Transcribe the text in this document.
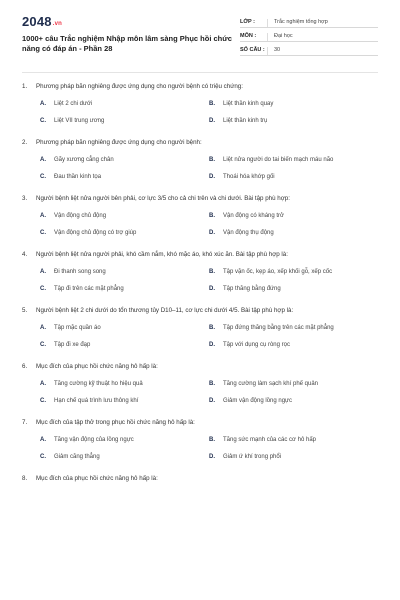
2048.vn
1000+ câu Trắc nghiệm Nhập môn lâm sàng Phục hồi chức năng có đáp án - Phần 28
LỚP :	Trắc nghiệm tổng hợp
MÔN :	Đại học
SỐ CÂU :	30
1.	Phương pháp băn nghiêng được ứng dụng cho người bệnh có triệu chứng:
A.	Liệt 2 chi dưới	B.	Liệt thần kinh quay
C.	Liệt VII trung ương	D.	Liệt thần kinh trụ
2.	Phương pháp băn nghiêng được ứng dụng cho người bệnh:
A.	Gãy xương cẳng chân	B.	Liệt nửa người do tai biến mạch máu não
C.	Đau thần kinh tọa	D.	Thoái hóa khớp gối
3.	Người bệnh liệt nửa người bên phải, cơ lực 3/5 cho cả chi trên và chi dưới. Bài tập phù hợp:
A.	Vận động chủ động	B.	Vận động có kháng trở
C.	Vận động chủ động có trợ giúp	D.	Vận động thụ động
4.	Người bệnh liệt nửa người phải, khó cầm nắm, khó mặc áo, khó xúc ăn. Bài tập phù hợp là:
A.	Đi thanh song song	B.	Tập vặn ốc, kẹp áo, xếp khối gỗ, xếp cốc
C.	Tập đi trên các mặt phẳng	D.	Tập thăng bằng đứng
5.	Người bệnh liệt 2 chi dưới do tổn thương tủy D10–11, cơ lực chi dưới 4/5. Bài tập phù hợp là:
A.	Tập mặc quần áo	B.	Tập đứng thăng bằng trên các mặt phẳng
C.	Tập đi xe đạp	D.	Tập với dụng cụ ròng rọc
6.	Mục đích của phục hồi chức năng hô hấp là:
A.	Tăng cường kỹ thuật ho hiệu quả	B.	Tăng cường làm sạch khí phế quản
C.	Hạn chế quá trình lưu thông khí	D.	Giảm vận động lồng ngực
7.	Mục đích của tập thở trong phục hồi chức năng hô hấp là:
A.	Tăng vận động của lồng ngực	B.	Tăng sức mạnh của các cơ hô hấp
C.	Giảm căng thẳng	D.	Giảm ứ khí trong phổi
8.	Mục đích của phục hồi chức năng hô hấp là:
